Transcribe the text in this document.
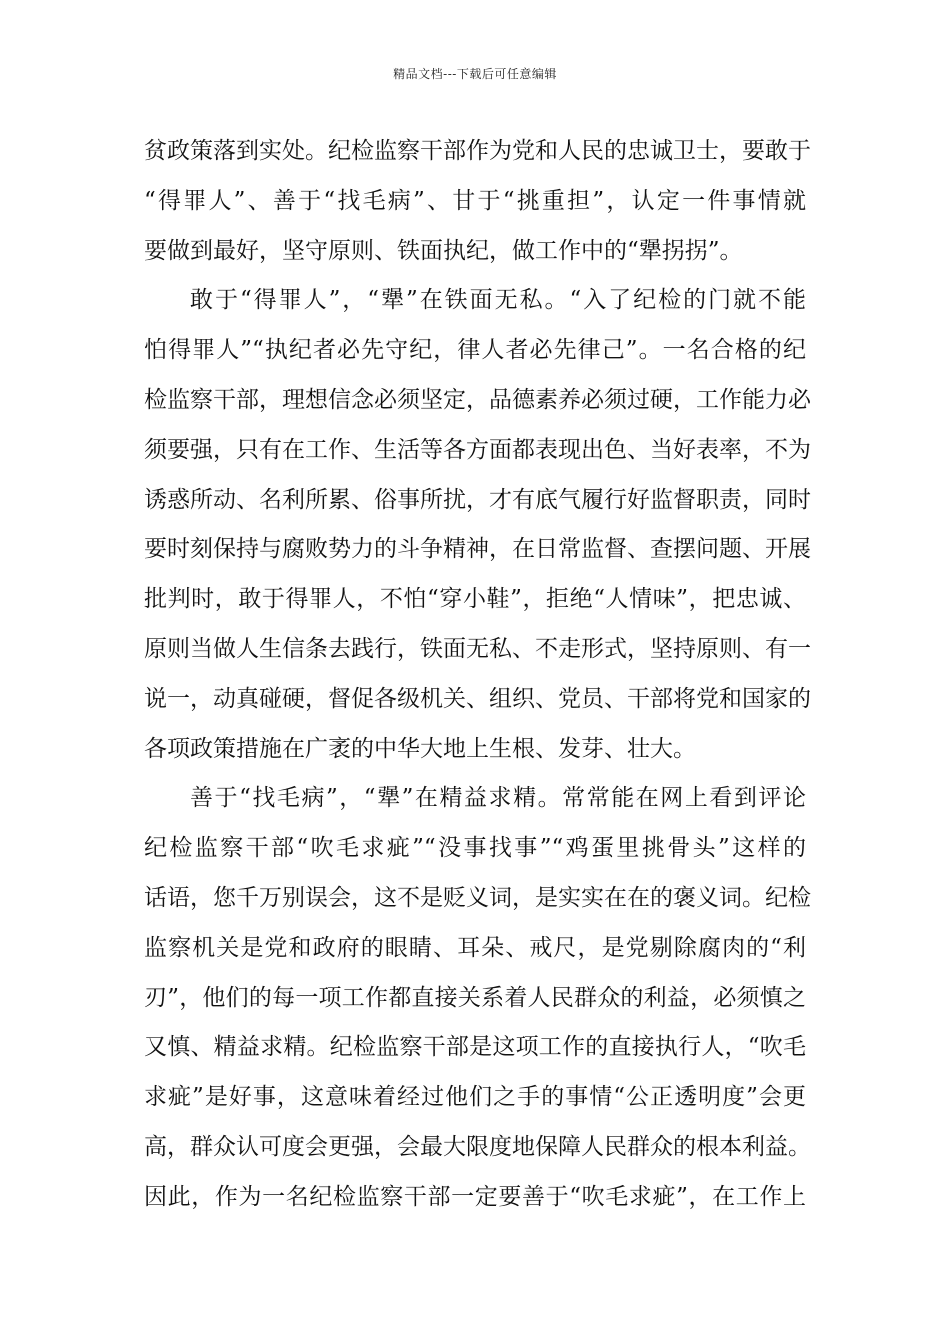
精品文档---下载后可任意编辑
贫政策落到实处。纪检监察干部作为党和人民的忠诚卫士，要敢于
“得罪人”、善于“找毛病”、甘于“挑重担”，认定一件事情就
要做到最好，坚守原则、铁面执纪，做工作中的“犟拐拐”。
敢于“得罪人”，“犟”在铁面无私。“入了纪检的门就不能
怕得罪人”“执纪者必先守纪，律人者必先律己”。一名合格的纪
检监察干部，理想信念必须坚定，品德素养必须过硬，工作能力必
须要强，只有在工作、生活等各方面都表现出色、当好表率，不为
诱惑所动、名利所累、俗事所扰，才有底气履行好监督职责，同时
要时刻保持与腐败势力的斗争精神，在日常监督、查摆问题、开展
批判时，敢于得罪人，不怕“穿小鞋”，拒绝“人情味”，把忠诚、
原则当做人生信条去践行，铁面无私、不走形式，坚持原则、有一
说一，动真碰硬，督促各级机关、组织、党员、干部将党和国家的
各项政策措施在广袤的中华大地上生根、发芽、壮大。
善于“找毛病”，“犟”在精益求精。常常能在网上看到评论
纪检监察干部“吹毛求疵”“没事找事”“鸡蛋里挑骨头”这样的
话语，您千万别误会，这不是贬义词，是实实在在的褒义词。纪检
监察机关是党和政府的眼睛、耳朵、戒尺，是党剔除腐肉的“利
刃”，他们的每一项工作都直接关系着人民群众的利益，必须慎之
又慎、精益求精。纪检监察干部是这项工作的直接执行人，“吹毛
求疵”是好事，这意味着经过他们之手的事情“公正透明度”会更
高，群众认可度会更强，会最大限度地保障人民群众的根本利益。
因此，作为一名纪检监察干部一定要善于“吹毛求疵”，在工作上
